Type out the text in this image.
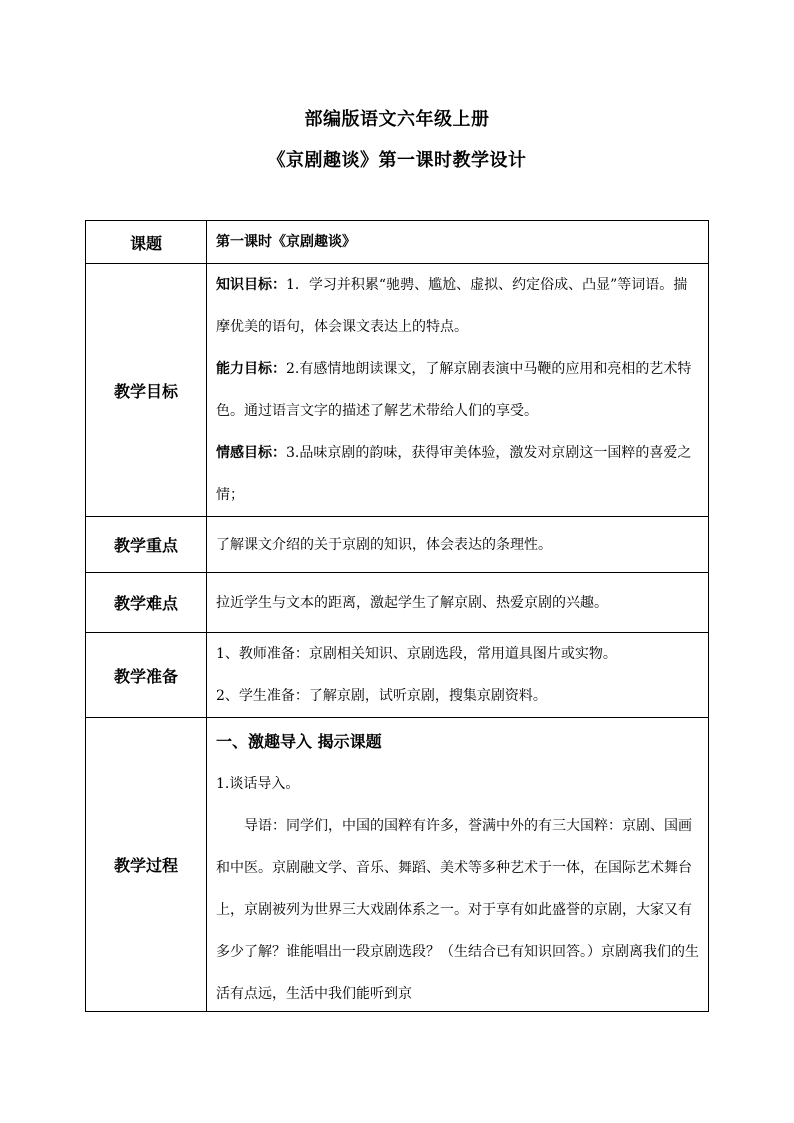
部编版语文六年级上册
《京剧趣谈》第一课时教学设计
课题	第一课时《京剧趣谈》
教学目标	知识目标：1．学习并积累“驰骋、尴尬、虚拟、约定俗成、凸显”等词语。揣摩优美的语句，体会课文表达上的特点。

能力目标：2.有感情地朗读课文，了解京剧表演中马鞭的应用和亮相的艺术特色。通过语言文字的描述了解艺术带给人们的享受。

情感目标：3.品味京剧的韵味，获得审美体验，激发对京剧这一国粹的喜爱之情；

教学重点	了解课文介绍的关于京剧的知识，体会表达的条理性。
教学难点	拉近学生与文本的距离，激起学生了解京剧、热爱京剧的兴趣。
教学准备	1、教师准备：京剧相关知识、京剧选段，常用道具图片或实物。

2、学生准备：了解京剧，试听京剧，搜集京剧资料。

教学过程	一、激趣导入 揭示课题

1.谈话导入。

导语：同学们，中国的国粹有许多，誉满中外的有三大国粹：京剧、国画和中医。京剧融文学、音乐、舞蹈、美术等多种艺术于一体，在国际艺术舞台上，京剧被列为世界三大戏剧体系之一。对于享有如此盛誉的京剧，大家又有多少了解？谁能唱出一段京剧选段？（生结合已有知识回答。）京剧离我们的生活有点远，生活中我们能听到京
